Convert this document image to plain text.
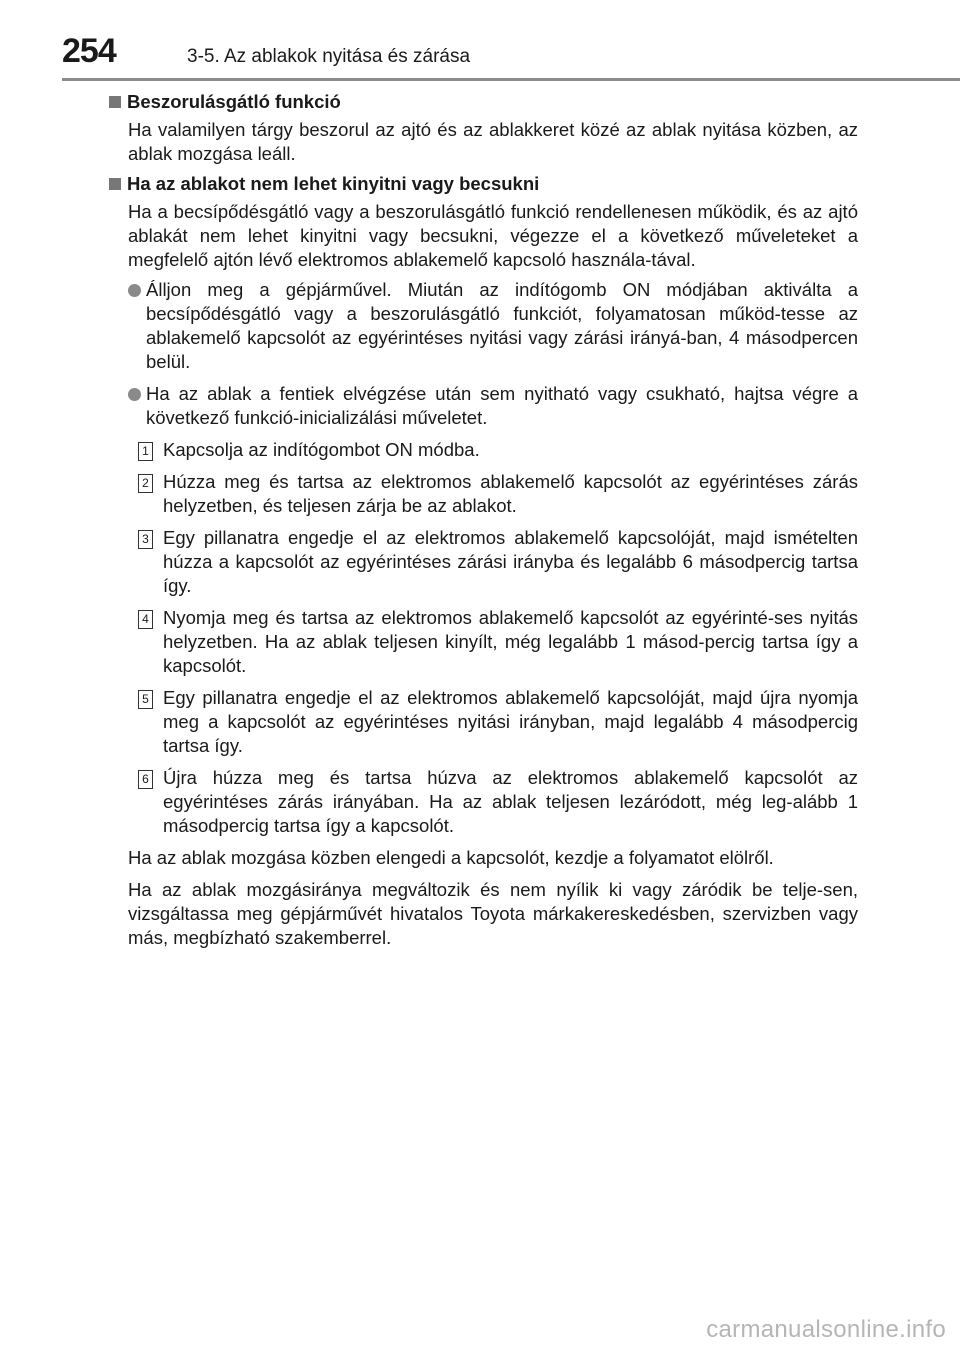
254	3-5. Az ablakok nyitása és zárása
Beszorulásgátló funkció
Ha valamilyen tárgy beszorul az ajtó és az ablakkeret közé az ablak nyitása közben, az ablak mozgása leáll.
Ha az ablakot nem lehet kinyitni vagy becsukni
Ha a becsípődésgátló vagy a beszorulásgátló funkció rendellenesen működik, és az ajtó ablakát nem lehet kinyitni vagy becsukni, végezze el a következő műveleteket a megfelelő ajtón lévő elektromos ablakemelő kapcsoló használa-tával.
Álljon meg a gépjárművel. Miután az indítógomb ON módjában aktiválta a becsípődésgátló vagy a beszorulásgátló funkciót, folyamatosan működ-tesse az ablakemelő kapcsolót az egyérintéses nyitási vagy zárási irányá-ban, 4 másodpercen belül.
Ha az ablak a fentiek elvégzése után sem nyitható vagy csukható, hajtsa végre a következő funkció-inicializálási műveletet.
1 Kapcsolja az indítógombot ON módba.
2 Húzza meg és tartsa az elektromos ablakemelő kapcsolót az egyérintéses zárás helyzetben, és teljesen zárja be az ablakot.
3 Egy pillanatra engedje el az elektromos ablakemelő kapcsolóját, majd ismételten húzza a kapcsolót az egyérintéses zárási irányba és legalább 6 másodpercig tartsa így.
4 Nyomja meg és tartsa az elektromos ablakemelő kapcsolót az egyérinté-ses nyitás helyzetben. Ha az ablak teljesen kinyílt, még legalább 1 másod-percig tartsa így a kapcsolót.
5 Egy pillanatra engedje el az elektromos ablakemelő kapcsolóját, majd újra nyomja meg a kapcsolót az egyérintéses nyitási irányban, majd legalább 4 másodpercig tartsa így.
6 Újra húzza meg és tartsa húzva az elektromos ablakemelő kapcsolót az egyérintéses zárás irányában. Ha az ablak teljesen lezáródott, még leg-alább 1 másodpercig tartsa így a kapcsolót.
Ha az ablak mozgása közben elengedi a kapcsolót, kezdje a folyamatot elölről.
Ha az ablak mozgásiránya megváltozik és nem nyílik ki vagy záródik be telje-sen, vizsgáltassa meg gépjárművét hivatalos Toyota márkakereskedésben, szervizben vagy más, megbízható szakemberrel.
carmanualsonline.info
